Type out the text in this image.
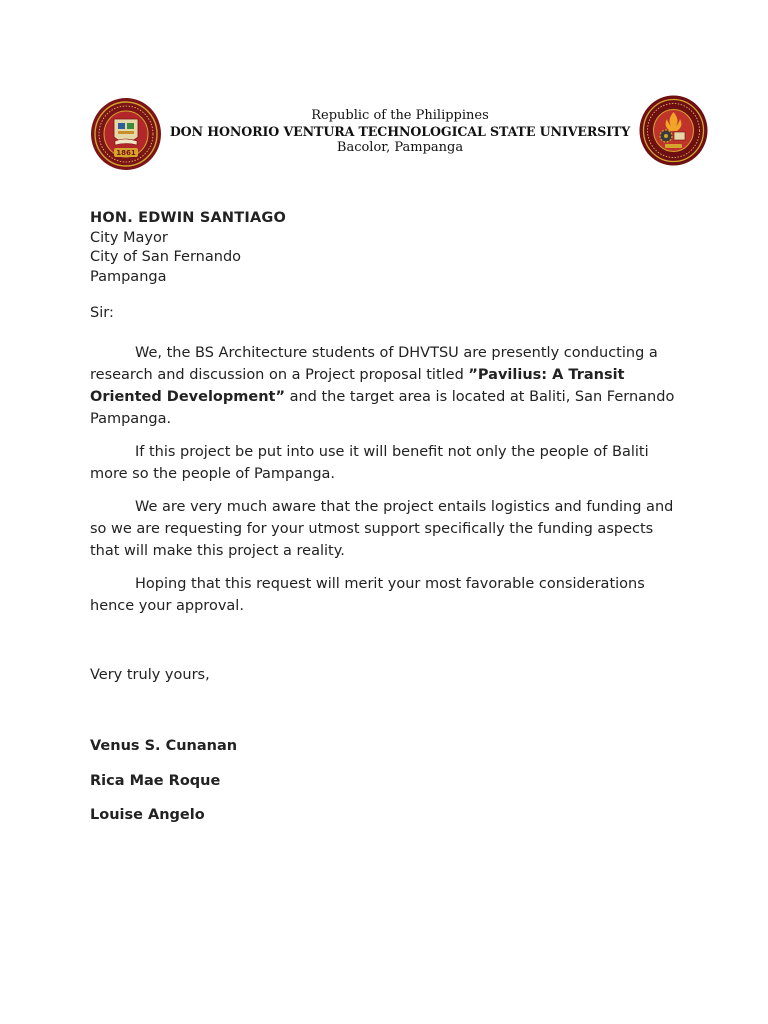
1861
Republic of the Philippines
DON HONORIO VENTURA TECHNOLOGICAL STATE UNIVERSITY
Bacolor, Pampanga
HON. EDWIN SANTIAGO
City Mayor
City of San Fernando
Pampanga
Sir:

We, the BS Architecture students of DHVTSU are presently conducting a research and discussion on a Project proposal titled ”Pavilius: A Transit Oriented Development” and the target area is located at Baliti, San Fernando Pampanga.

If this project be put into use it will benefit not only the people of Baliti more so the people of Pampanga.

We are very much aware that the project entails logistics and funding and so we are requesting for your utmost support specifically the funding aspects that will make this project a reality.

Hoping that this request will merit your most favorable considerations hence your approval.

Very truly yours,
Venus S. Cunanan
Rica Mae Roque
Louise Angelo
